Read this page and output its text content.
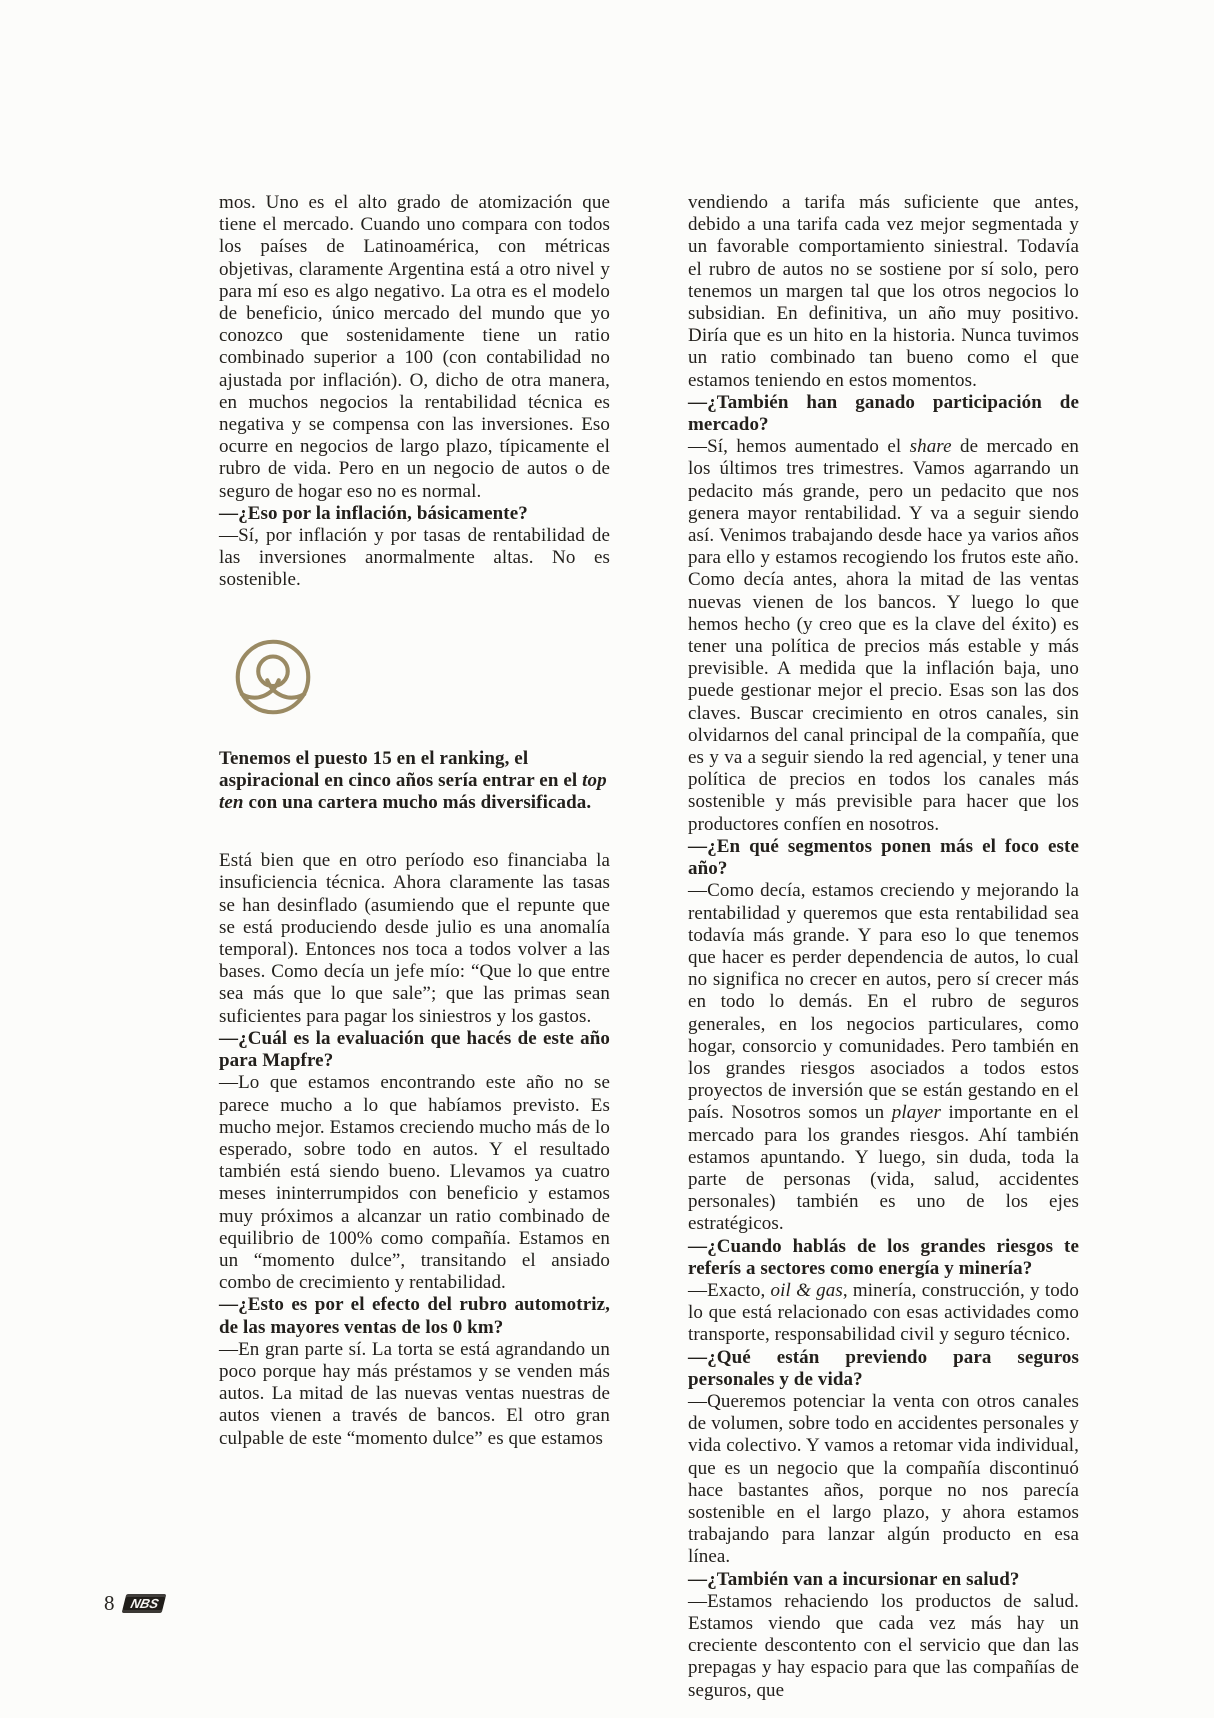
mos. Uno es el alto grado de atomización que tiene el mercado. Cuando uno compara con todos los países de Latinoamérica, con métricas objetivas, claramente Argentina está a otro nivel y para mí eso es algo negativo. La otra es el modelo de beneficio, único mercado del mundo que yo conozco que sostenidamente tiene un ratio combinado superior a 100 (con contabilidad no ajustada por inflación). O, dicho de otra manera, en muchos negocios la rentabilidad técnica es negativa y se compensa con las inversiones. Eso ocurre en negocios de largo plazo, típicamente el rubro de vida. Pero en un negocio de autos o de seguro de hogar eso no es normal.

—¿Eso por la inflación, básicamente?

—Sí, por inflación y por tasas de rentabilidad de las inversiones anormalmente altas. No es sostenible.

Tenemos el puesto 15 en el ranking, el aspiracional en cinco años sería entrar en el top ten con una cartera mucho más diversificada.

Está bien que en otro período eso financiaba la insuficiencia técnica. Ahora claramente las tasas se han desinflado (asumiendo que el repunte que se está produciendo desde julio es una anomalía temporal). Entonces nos toca a todos volver a las bases. Como decía un jefe mío: “Que lo que entre sea más que lo que sale”; que las primas sean suficientes para pagar los siniestros y los gastos.

—¿Cuál es la evaluación que hacés de este año para Mapfre?

—Lo que estamos encontrando este año no se parece mucho a lo que habíamos previsto. Es mucho mejor. Estamos creciendo mucho más de lo esperado, sobre todo en autos. Y el resultado también está siendo bueno. Llevamos ya cuatro meses ininterrumpidos con beneficio y estamos muy próximos a alcanzar un ratio combinado de equilibrio de 100% como compañía. Estamos en un “momento dulce”, transitando el ansiado combo de crecimiento y rentabilidad.

—¿Esto es por el efecto del rubro automotriz, de las mayores ventas de los 0 km?

—En gran parte sí. La torta se está agrandando un poco porque hay más préstamos y se venden más autos. La mitad de las nuevas ventas nuestras de autos vienen a través de bancos. El otro gran culpable de este “momento dulce” es que estamos

vendiendo a tarifa más suficiente que antes, debido a una tarifa cada vez mejor segmentada y un favorable comportamiento siniestral. Todavía el rubro de autos no se sostiene por sí solo, pero tenemos un margen tal que los otros negocios lo subsidian. En definitiva, un año muy positivo. Diría que es un hito en la historia. Nunca tuvimos un ratio combinado tan bueno como el que estamos teniendo en estos momentos.

—¿También han ganado participación de mercado?

—Sí, hemos aumentado el share de mercado en los últimos tres trimestres. Vamos agarrando un pedacito más grande, pero un pedacito que nos genera mayor rentabilidad. Y va a seguir siendo así. Venimos trabajando desde hace ya varios años para ello y estamos recogiendo los frutos este año. Como decía antes, ahora la mitad de las ventas nuevas vienen de los bancos. Y luego lo que hemos hecho (y creo que es la clave del éxito) es tener una política de precios más estable y más previsible. A medida que la inflación baja, uno puede gestionar mejor el precio. Esas son las dos claves. Buscar crecimiento en otros canales, sin olvidarnos del canal principal de la compañía, que es y va a seguir siendo la red agencial, y tener una política de precios en todos los canales más sostenible y más previsible para hacer que los productores confíen en nosotros.

—¿En qué segmentos ponen más el foco este año?

—Como decía, estamos creciendo y mejorando la rentabilidad y queremos que esta rentabilidad sea todavía más grande. Y para eso lo que tenemos que hacer es perder dependencia de autos, lo cual no significa no crecer en autos, pero sí crecer más en todo lo demás. En el rubro de seguros generales, en los negocios particulares, como hogar, consorcio y comunidades. Pero también en los grandes riesgos asociados a todos estos proyectos de inversión que se están gestando en el país. Nosotros somos un player importante en el mercado para los grandes riesgos. Ahí también estamos apuntando. Y luego, sin duda, toda la parte de personas (vida, salud, accidentes personales) también es uno de los ejes estratégicos.

—¿Cuando hablás de los grandes riesgos te referís a sectores como energía y minería?

—Exacto, oil & gas, minería, construcción, y todo lo que está relacionado con esas actividades como transporte, responsabilidad civil y seguro técnico.

—¿Qué están previendo para seguros personales y de vida?

—Queremos potenciar la venta con otros canales de volumen, sobre todo en accidentes personales y vida colectivo. Y vamos a retomar vida individual, que es un negocio que la compañía discontinuó hace bastantes años, porque no nos parecía sostenible en el largo plazo, y ahora estamos trabajando para lanzar algún producto en esa línea.

—¿También van a incursionar en salud?

—Estamos rehaciendo los productos de salud. Estamos viendo que cada vez más hay un creciente descontento con el servicio que dan las prepagas y hay espacio para que las compañías de seguros, que

8	NBS
